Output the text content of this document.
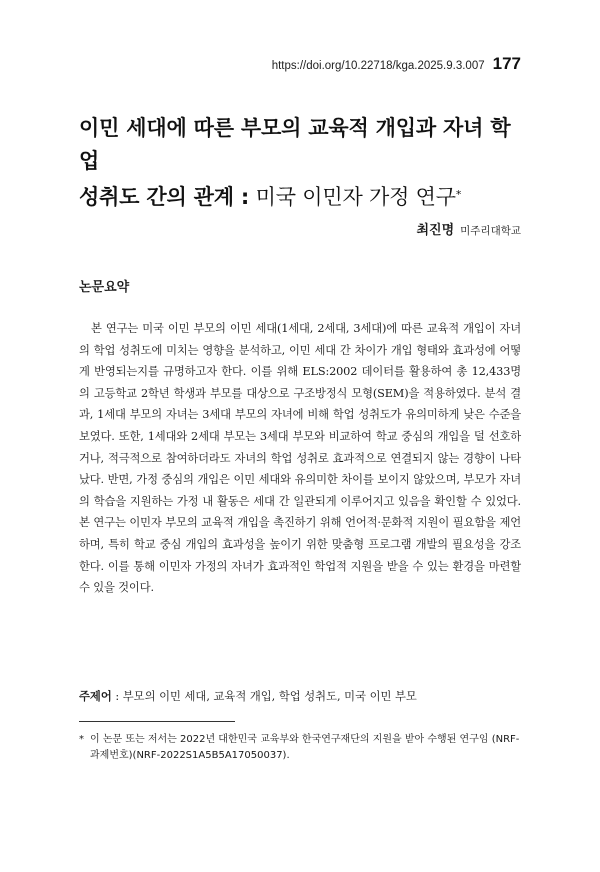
https://doi.org/10.22718/kga.2025.9.3.007 177
이민 세대에 따른 부모의 교육적 개입과 자녀 학업
성취도 간의 관계 : 미국 이민자 가정 연구*
최진명 미주리대학교
논문요약

본 연구는 미국 이민 부모의 이민 세대(1세대, 2세대, 3세대)에 따른 교육적 개입이 자녀의 학업 성취도에 미치는 영향을 분석하고, 이민 세대 간 차이가 개입 형태와 효과성에 어떻게 반영되는지를 규명하고자 한다. 이를 위해 ELS:2002 데이터를 활용하여 총 12,433명의 고등학교 2학년 학생과 부모를 대상으로 구조방정식 모형(SEM)을 적용하였다. 분석 결과, 1세대 부모의 자녀는 3세대 부모의 자녀에 비해 학업 성취도가 유의미하게 낮은 수준을 보였다. 또한, 1세대와 2세대 부모는 3세대 부모와 비교하여 학교 중심의 개입을 덜 선호하거나, 적극적으로 참여하더라도 자녀의 학업 성취로 효과적으로 연결되지 않는 경향이 나타났다. 반면, 가정 중심의 개입은 이민 세대와 유의미한 차이를 보이지 않았으며, 부모가 자녀의 학습을 지원하는 가정 내 활동은 세대 간 일관되게 이루어지고 있음을 확인할 수 있었다. 본 연구는 이민자 부모의 교육적 개입을 촉진하기 위해 언어적·문화적 지원이 필요함을 제언하며, 특히 학교 중심 개입의 효과성을 높이기 위한 맞춤형 프로그램 개발의 필요성을 강조한다. 이를 통해 이민자 가정의 자녀가 효과적인 학업적 지원을 받을 수 있는 환경을 마련할 수 있을 것이다.

주제어 : 부모의 이민 세대, 교육적 개입, 학업 성취도, 미국 이민 부모
* 이 논문 또는 저서는 2022년 대한민국 교육부와 한국연구재단의 지원을 받아 수행된 연구임 (NRF-과제번호)(NRF-2022S1A5B5A17050037).
